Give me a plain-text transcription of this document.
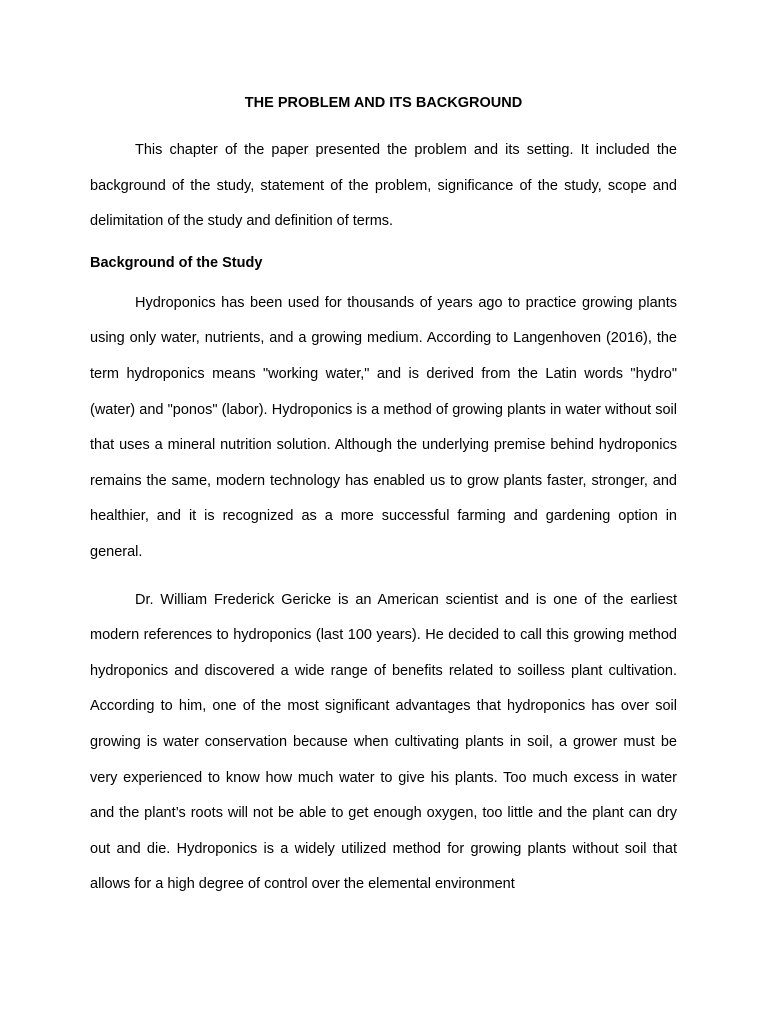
THE PROBLEM AND ITS BACKGROUND

This chapter of the paper presented the problem and its setting. It included the background of the study, statement of the problem, significance of the study, scope and delimitation of the study and definition of terms.

Background of the Study

Hydroponics has been used for thousands of years ago to practice growing plants using only water, nutrients, and a growing medium. According to Langenhoven (2016), the term hydroponics means "working water," and is derived from the Latin words "hydro" (water) and "ponos" (labor). Hydroponics is a method of growing plants in water without soil that uses a mineral nutrition solution. Although the underlying premise behind hydroponics remains the same, modern technology has enabled us to grow plants faster, stronger, and healthier, and it is recognized as a more successful farming and gardening option in general.

Dr. William Frederick Gericke is an American scientist and is one of the earliest modern references to hydroponics (last 100 years). He decided to call this growing method hydroponics and discovered a wide range of benefits related to soilless plant cultivation. According to him, one of the most significant advantages that hydroponics has over soil growing is water conservation because when cultivating plants in soil, a grower must be very experienced to know how much water to give his plants. Too much excess in water and the plant’s roots will not be able to get enough oxygen, too little and the plant can dry out and die. Hydroponics is a widely utilized method for growing plants without soil that allows for a high degree of control over the elemental environment
